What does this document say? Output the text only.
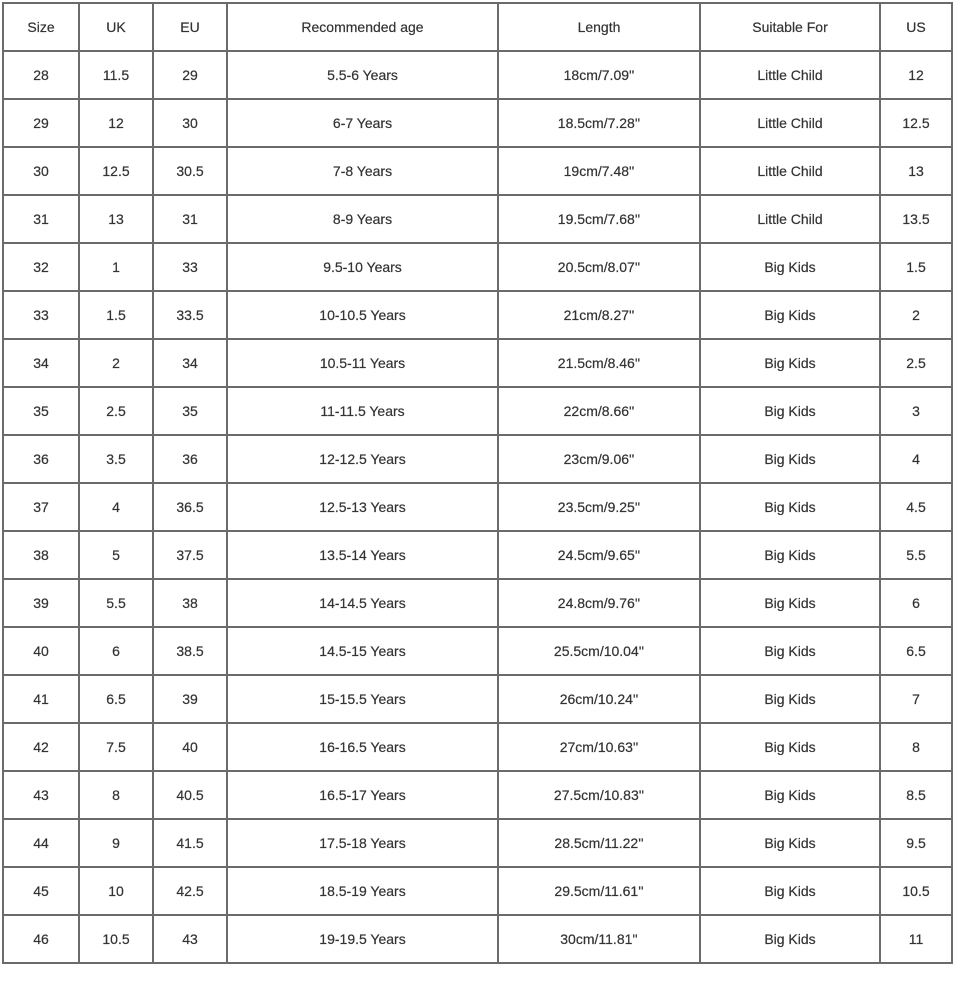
Size	UK	EU	Recommended age	Length	Suitable For	US
28	11.5	29	5.5-6 Years	18cm/7.09''	Little Child	12
29	12	30	6-7 Years	18.5cm/7.28''	Little Child	12.5
30	12.5	30.5	7-8 Years	19cm/7.48''	Little Child	13
31	13	31	8-9 Years	19.5cm/7.68''	Little Child	13.5
32	1	33	9.5-10 Years	20.5cm/8.07''	Big Kids	1.5
33	1.5	33.5	10-10.5 Years	21cm/8.27''	Big Kids	2
34	2	34	10.5-11 Years	21.5cm/8.46''	Big Kids	2.5
35	2.5	35	11-11.5 Years	22cm/8.66''	Big Kids	3
36	3.5	36	12-12.5 Years	23cm/9.06''	Big Kids	4
37	4	36.5	12.5-13 Years	23.5cm/9.25''	Big Kids	4.5
38	5	37.5	13.5-14 Years	24.5cm/9.65''	Big Kids	5.5
39	5.5	38	14-14.5 Years	24.8cm/9.76''	Big Kids	6
40	6	38.5	14.5-15 Years	25.5cm/10.04''	Big Kids	6.5
41	6.5	39	15-15.5 Years	26cm/10.24''	Big Kids	7
42	7.5	40	16-16.5 Years	27cm/10.63''	Big Kids	8
43	8	40.5	16.5-17 Years	27.5cm/10.83''	Big Kids	8.5
44	9	41.5	17.5-18 Years	28.5cm/11.22''	Big Kids	9.5
45	10	42.5	18.5-19 Years	29.5cm/11.61''	Big Kids	10.5
46	10.5	43	19-19.5 Years	30cm/11.81''	Big Kids	11
